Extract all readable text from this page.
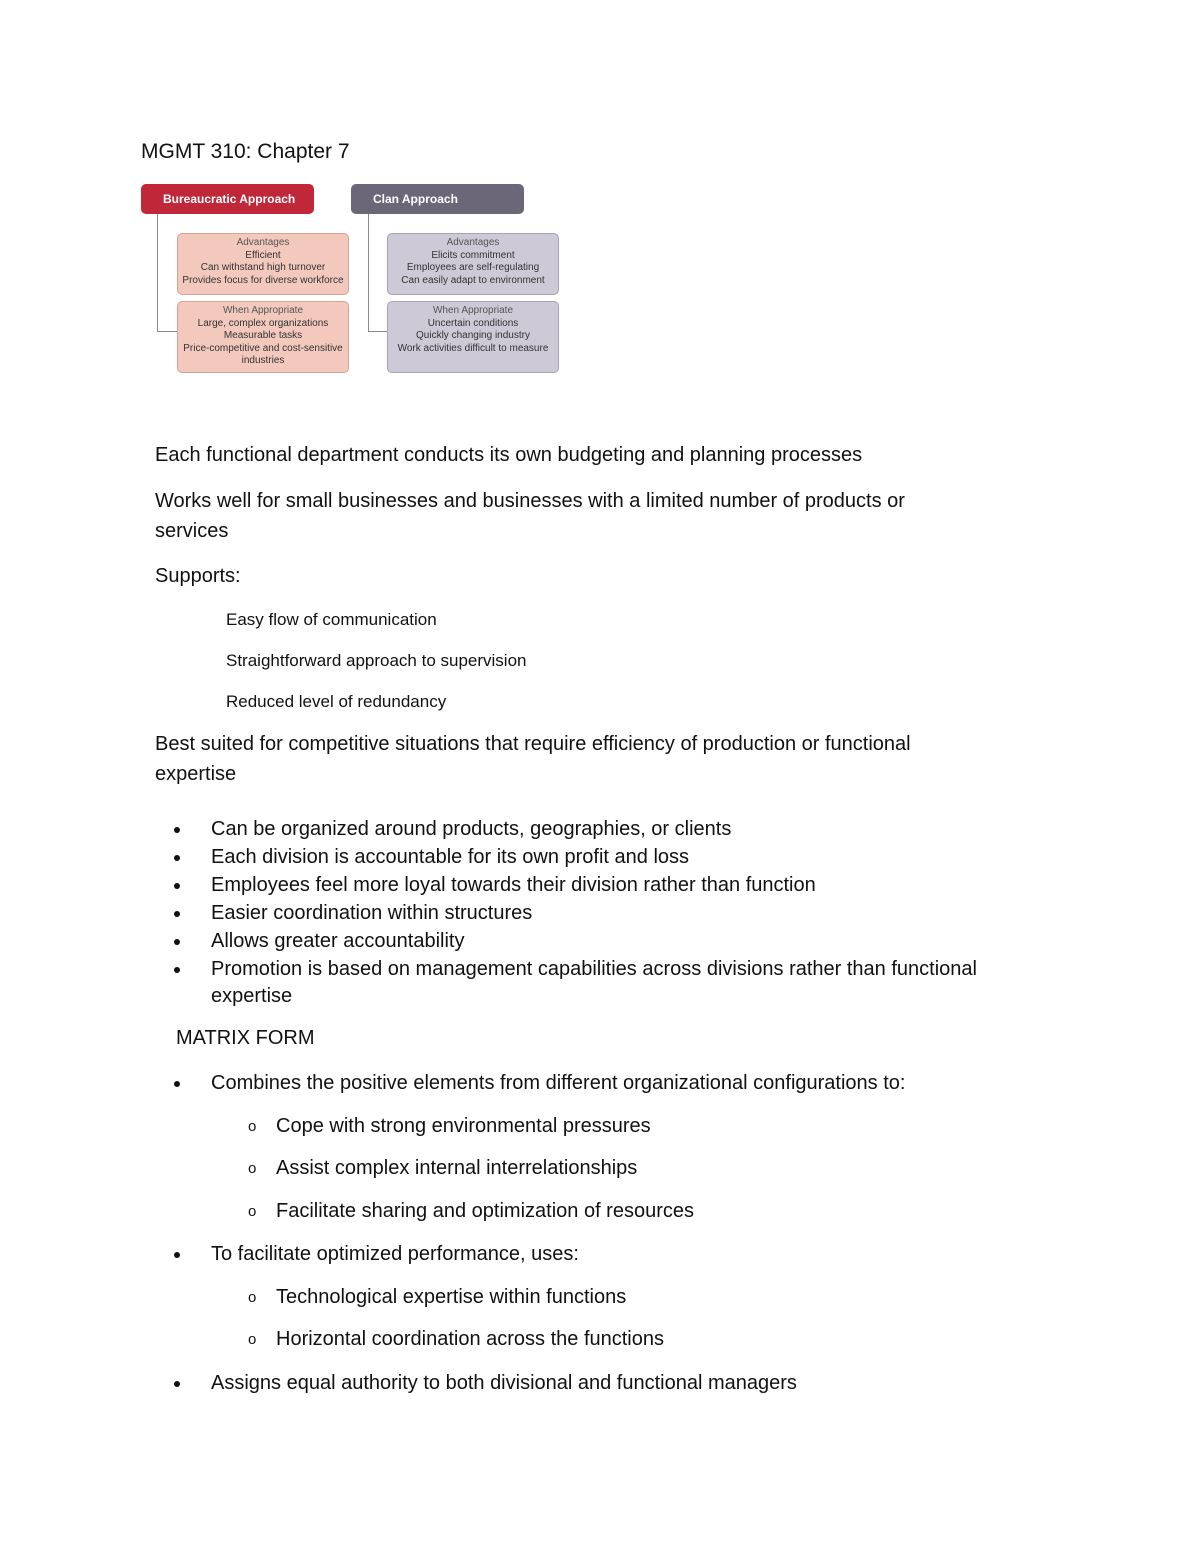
MGMT 310: Chapter 7
Bureaucratic Approach	Clan Approach
Advantages
Efficient
Can withstand high turnover
Provides focus for diverse workforce
When Appropriate
Large, complex organizations
Measurable tasks
Price-competitive and cost-sensitive
industries
Advantages
Elicits commitment
Employees are self-regulating
Can easily adapt to environment
When Appropriate
Uncertain conditions
Quickly changing industry
Work activities difficult to measure
Each functional department conducts its own budgeting and planning processes
Works well for small businesses and businesses with a limited number of products or
services
Supports:
Easy flow of communication
Straightforward approach to supervision
Reduced level of redundancy
Best suited for competitive situations that require efficiency of production or functional
expertise
Can be organized around products, geographies, or clients
Each division is accountable for its own profit and loss
Employees feel more loyal towards their division rather than function
Easier coordination within structures
Allows greater accountability
Promotion is based on management capabilities across divisions rather than functional
expertise
MATRIX FORM
Combines the positive elements from different organizational configurations to:
o Cope with strong environmental pressures
o Assist complex internal interrelationships
o Facilitate sharing and optimization of resources
To facilitate optimized performance, uses:
o Technological expertise within functions
o Horizontal coordination across the functions
Assigns equal authority to both divisional and functional managers
